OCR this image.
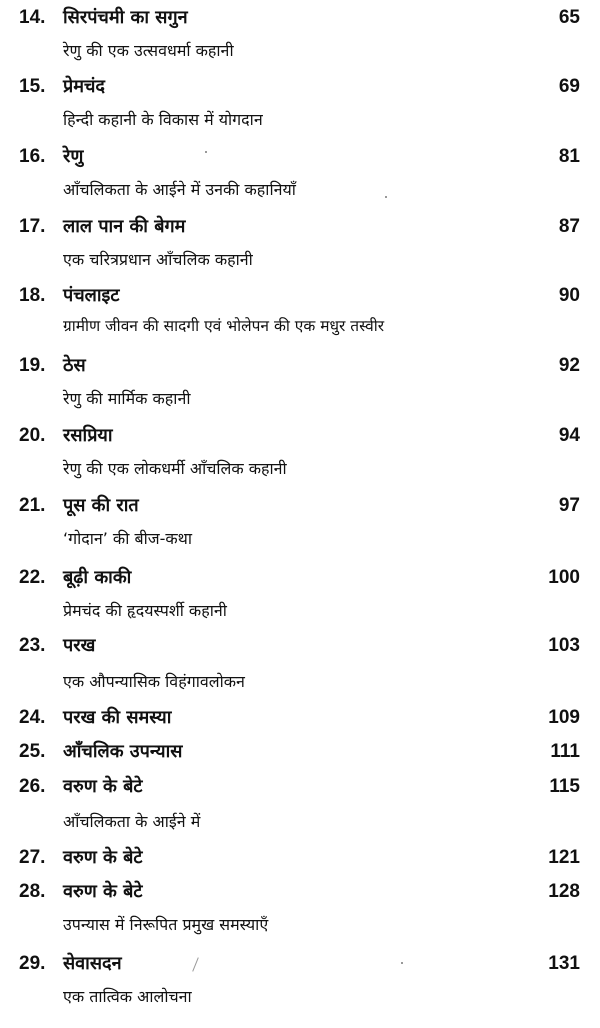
14. सिरपंचमी का सगुन	65
रेणु की एक उत्सवधर्मा कहानी
15. प्रेमचंद	69
हिन्दी कहानी के विकास में योगदान
16. रेणु	81
आँचलिकता के आईने में उनकी कहानियाँ
17. लाल पान की बेगम	87
एक चरित्रप्रधान आँचलिक कहानी
18. पंचलाइट	90
ग्रामीण जीवन की सादगी एवं भोलेपन की एक मधुर तस्वीर
19. ठेस	92
रेणु की मार्मिक कहानी
20. रसप्रिया	94
रेणु की एक लोकधर्मी आँचलिक कहानी
21. पूस की रात	97
‘गोदान’ की बीज-कथा
22. बूढ़ी काकी	100
प्रेमचंद की हृदयस्पर्शी कहानी
23. परख	103
एक औपन्यासिक विहंगावलोकन
24. परख की समस्या	109
25. आँचलिक उपन्यास	111
26. वरुण के बेटे	115
आँचलिकता के आईने में
27. वरुण के बेटे	121
28. वरुण के बेटे	128
उपन्यास में निरूपित प्रमुख समस्याएँ
29. सेवासदन	131
एक तात्विक आलोचना
